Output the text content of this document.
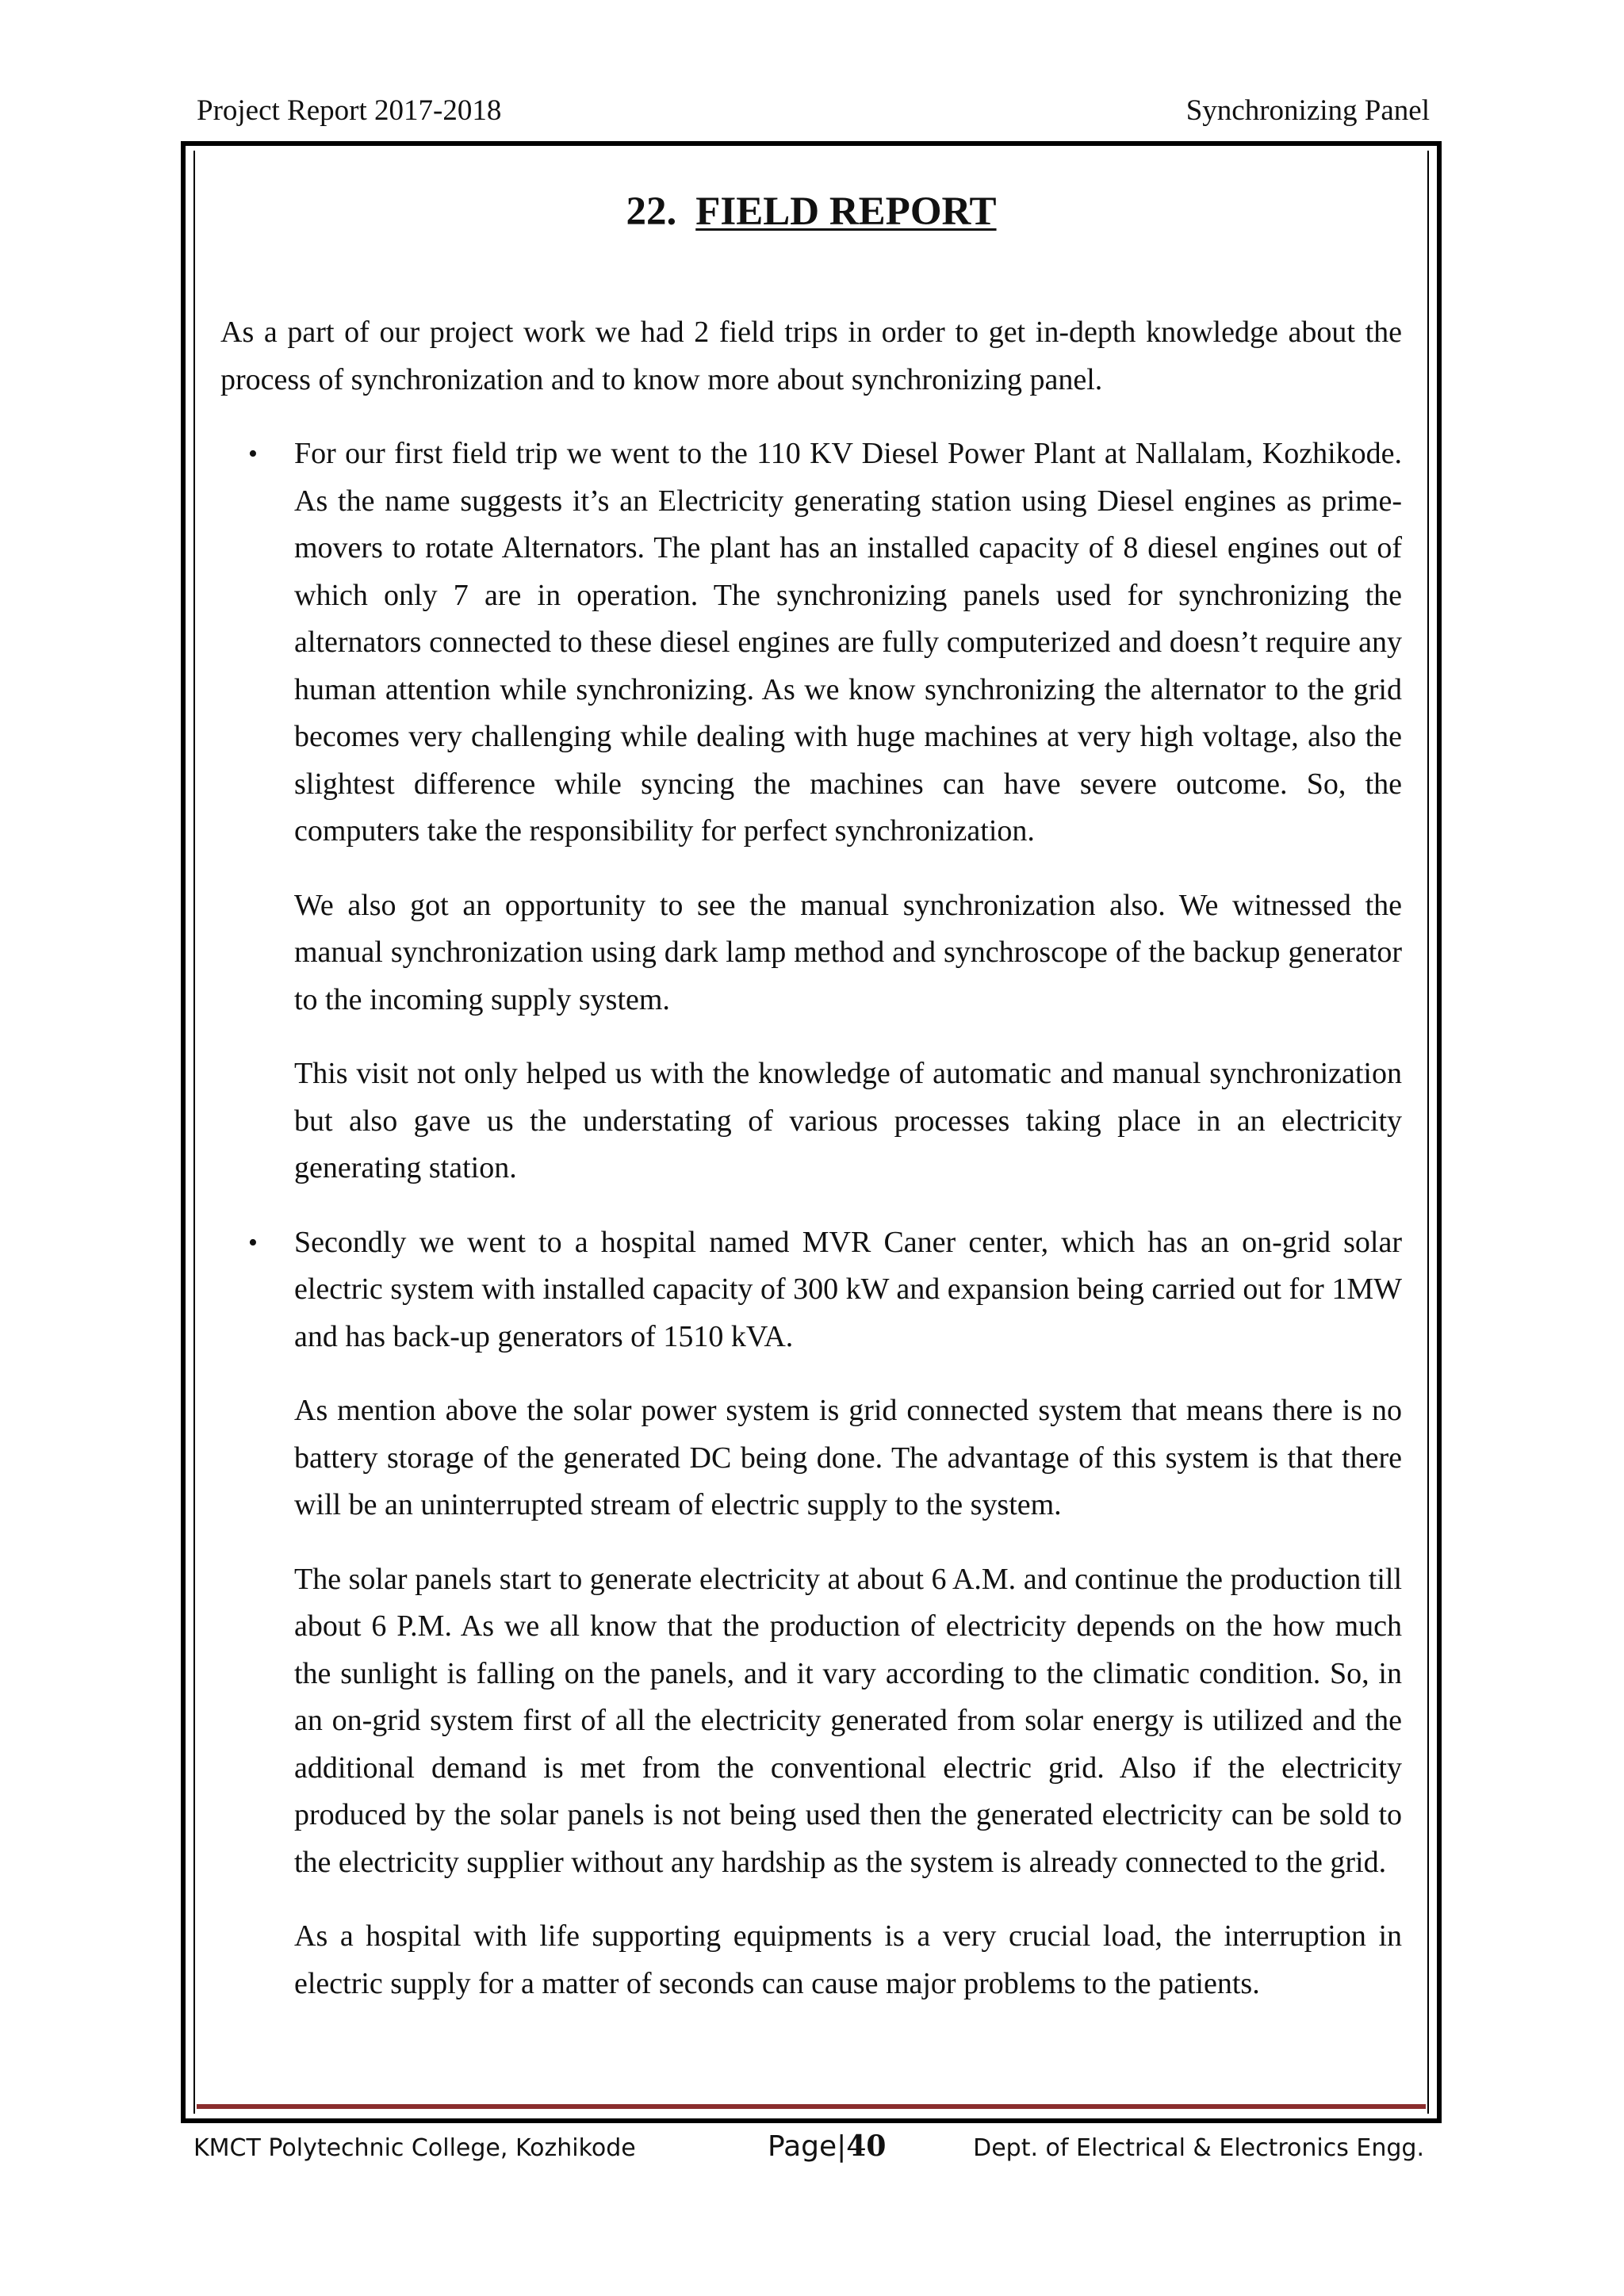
Project Report 2017-2018	Synchronizing Panel
22. FIELD REPORT

As a part of our project work we had 2 field trips in order to get in-depth knowledge about the process of synchronization and to know more about synchronizing panel.

• For our first field trip we went to the 110 KV Diesel Power Plant at Nallalam, Kozhikode. As the name suggests it’s an Electricity generating station using Diesel engines as prime-movers to rotate Alternators. The plant has an installed capacity of 8 diesel engines out of which only 7 are in operation. The synchronizing panels used for synchronizing the alternators connected to these diesel engines are fully computerized and doesn’t require any human attention while synchronizing. As we know synchronizing the alternator to the grid becomes very challenging while dealing with huge machines at very high voltage, also the slightest difference while syncing the machines can have severe outcome. So, the computers take the responsibility for perfect synchronization.

We also got an opportunity to see the manual synchronization also. We witnessed the manual synchronization using dark lamp method and synchroscope of the backup generator to the incoming supply system.

This visit not only helped us with the knowledge of automatic and manual synchronization but also gave us the understating of various processes taking place in an electricity generating station.

• Secondly we went to a hospital named MVR Caner center, which has an on-grid solar electric system with installed capacity of 300 kW and expansion being carried out for 1MW and has back-up generators of 1510 kVA.

As mention above the solar power system is grid connected system that means there is no battery storage of the generated DC being done. The advantage of this system is that there will be an uninterrupted stream of electric supply to the system.

The solar panels start to generate electricity at about 6 A.M. and continue the production till about 6 P.M. As we all know that the production of electricity depends on the how much the sunlight is falling on the panels, and it vary according to the climatic condition. So, in an on-grid system first of all the electricity generated from solar energy is utilized and the additional demand is met from the conventional electric grid. Also if the electricity produced by the solar panels is not being used then the generated electricity can be sold to the electricity supplier without any hardship as the system is already connected to the grid.

As a hospital with life supporting equipments is a very crucial load, the interruption in electric supply for a matter of seconds can cause major problems to the patients.

KMCT Polytechnic College, Kozhikode	Page|40	Dept. of Electrical & Electronics Engg.
